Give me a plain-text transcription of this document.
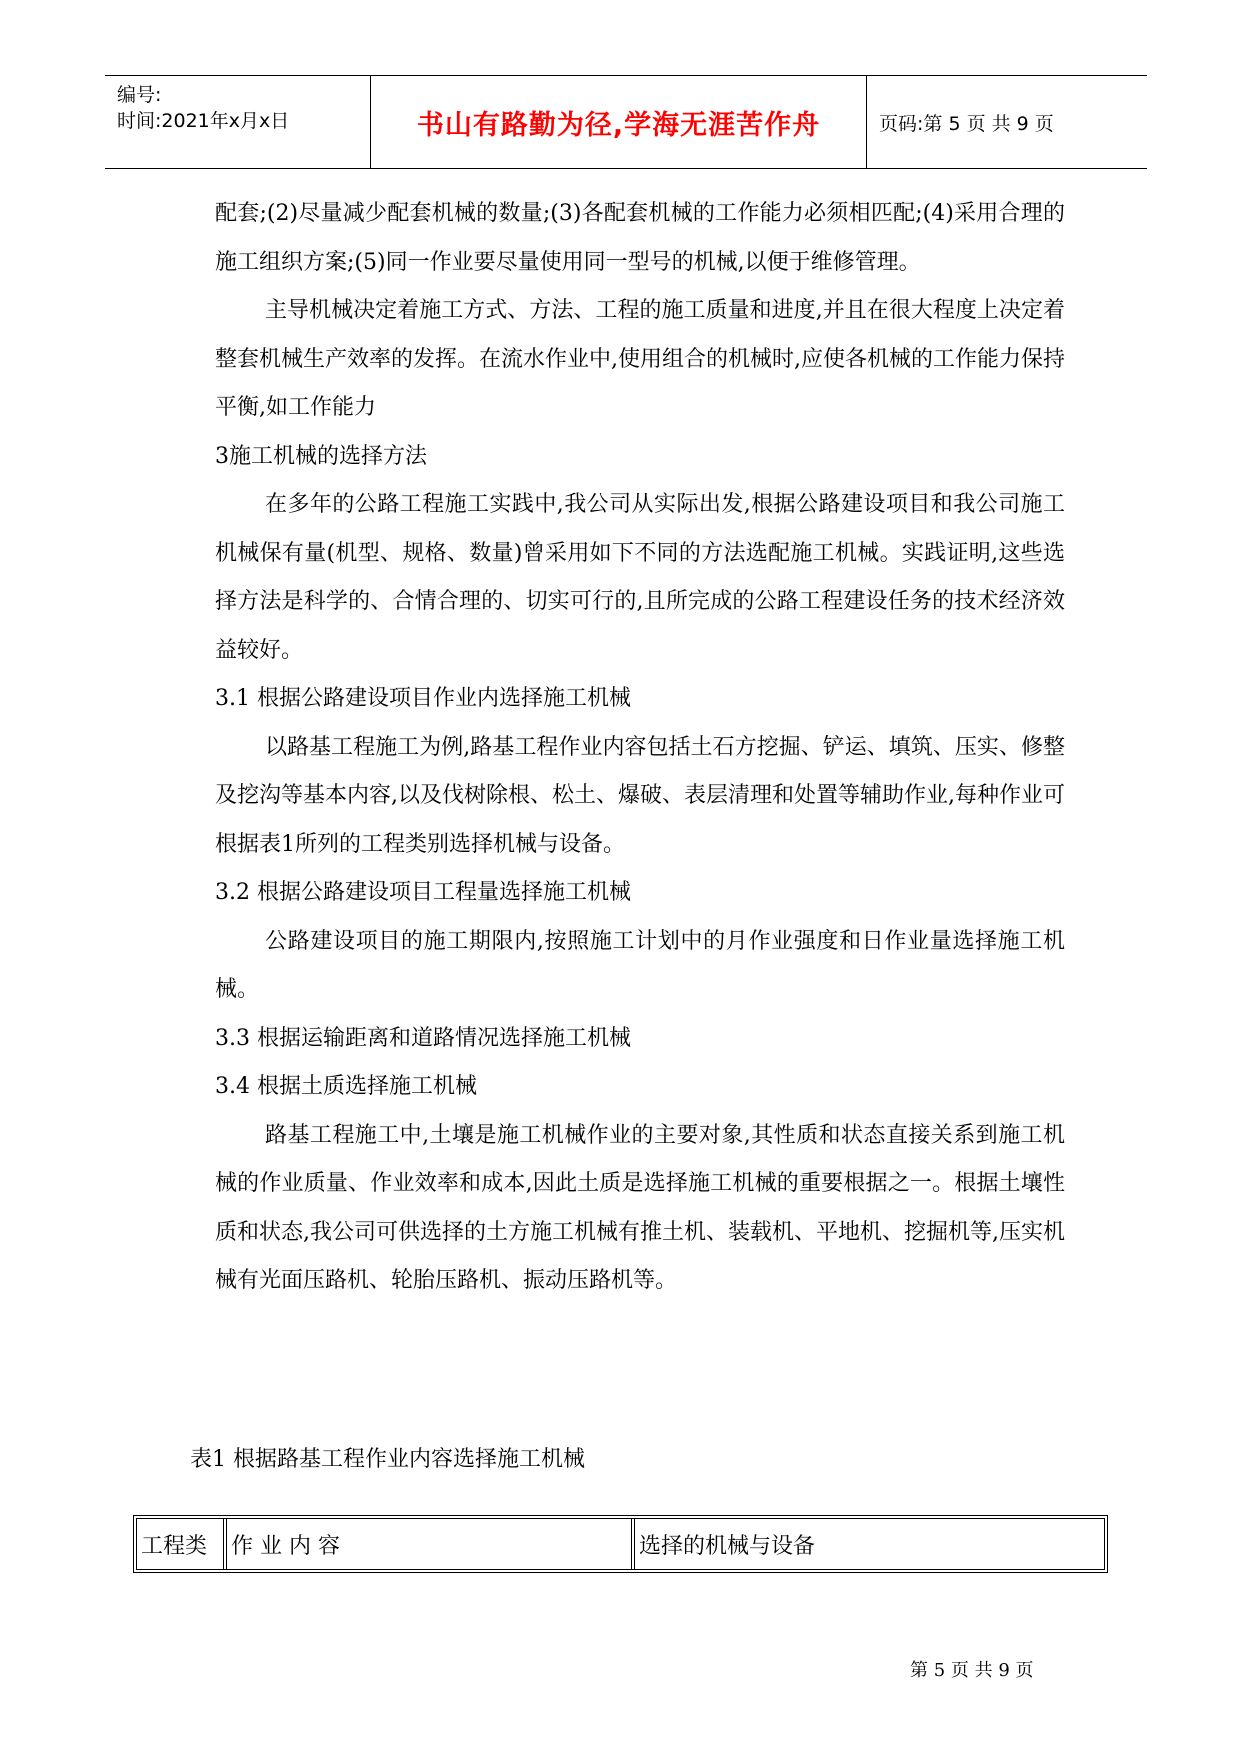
编号:
时间:2021年x月x日	书山有路勤为径,学海无涯苦作舟	页码:第 5 页 共 9 页

配套;(2)尽量减少配套机械的数量;(3)各配套机械的工作能力必须相匹配;(4)采用合理的施工组织方案;(5)同一作业要尽量使用同一型号的机械,以便于维修管理。

主导机械决定着施工方式、方法、工程的施工质量和进度,并且在很大程度上决定着整套机械生产效率的发挥。在流水作业中,使用组合的机械时,应使各机械的工作能力保持平衡,如工作能力

3施工机械的选择方法

在多年的公路工程施工实践中,我公司从实际出发,根据公路建设项目和我公司施工机械保有量(机型、规格、数量)曾采用如下不同的方法选配施工机械。实践证明,这些选择方法是科学的、合情合理的、切实可行的,且所完成的公路工程建设任务的技术经济效益较好。

3.1 根据公路建设项目作业内选择施工机械

以路基工程施工为例,路基工程作业内容包括土石方挖掘、铲运、填筑、压实、修整及挖沟等基本内容,以及伐树除根、松土、爆破、表层清理和处置等辅助作业,每种作业可根据表1所列的工程类别选择机械与设备。

3.2 根据公路建设项目工程量选择施工机械

公路建设项目的施工期限内,按照施工计划中的月作业强度和日作业量选择施工机械。

3.3 根据运输距离和道路情况选择施工机械

3.4 根据土质选择施工机械

路基工程施工中,土壤是施工机械作业的主要对象,其性质和状态直接关系到施工机械的作业质量、作业效率和成本,因此土质是选择施工机械的重要根据之一。根据土壤性质和状态,我公司可供选择的土方施工机械有推土机、装载机、平地机、挖掘机等,压实机械有光面压路机、轮胎压路机、振动压路机等。

表1 根据路基工程作业内容选择施工机械
工程类	作 业 内 容	选择的机械与设备
第 5 页 共 9 页
